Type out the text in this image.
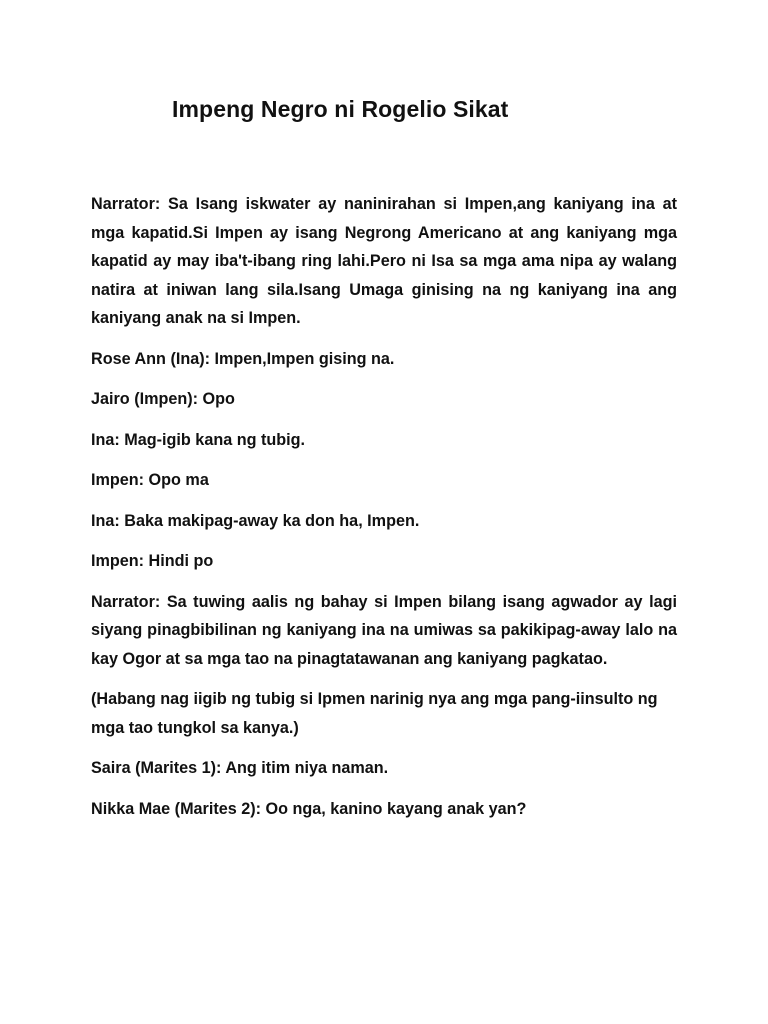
Impeng Negro ni Rogelio Sikat

Narrator: Sa Isang iskwater ay naninirahan si Impen,ang kaniyang ina at mga kapatid.Si Impen ay isang Negrong Americano at ang kaniyang mga kapatid ay may iba't-ibang ring lahi.Pero ni Isa sa mga ama nipa ay walang natira at iniwan lang sila.Isang Umaga ginising na ng kaniyang ina ang kaniyang anak na si Impen.

Rose Ann (Ina): Impen,Impen gising na.

Jairo (Impen): Opo

Ina: Mag-igib kana ng tubig.

Impen: Opo ma

Ina: Baka makipag-away ka don ha, Impen.

Impen: Hindi po

Narrator: Sa tuwing aalis ng bahay si Impen bilang isang agwador ay lagi siyang pinagbibilinan ng kaniyang ina na umiwas sa pakikipag-away lalo na kay Ogor at sa mga tao na pinagtatawanan ang kaniyang pagkatao.

(Habang nag iigib ng tubig si Ipmen narinig nya ang mga pang-iinsulto ng mga tao tungkol sa kanya.)

Saira (Marites 1): Ang itim niya naman.

Nikka Mae (Marites 2): Oo nga, kanino kayang anak yan?
